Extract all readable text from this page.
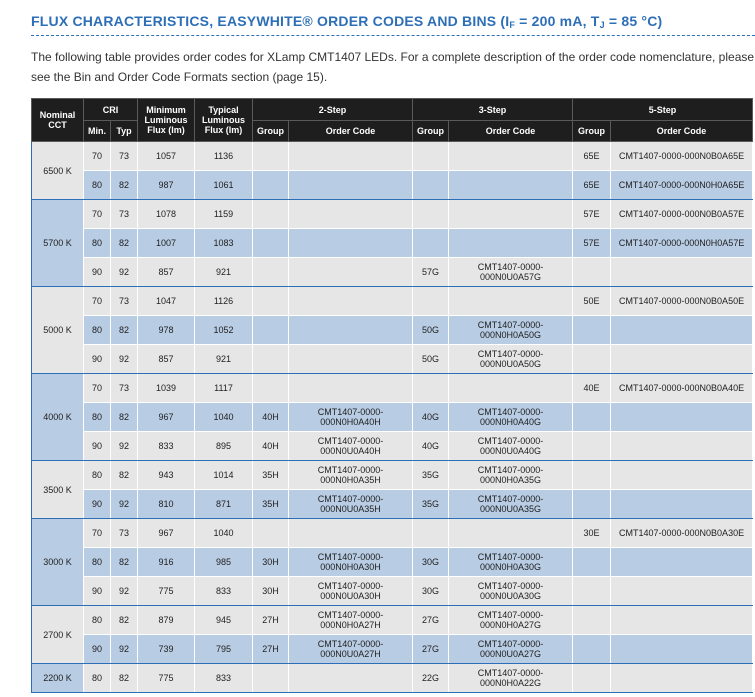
FLUX CHARACTERISTICS, EASYWHITE® ORDER CODES AND BINS ($I_F = 200$ mA, $T_J = 85$ °C)
The following table provides order codes for XLamp CMT1407 LEDs. For a complete description of the order code nomenclature, please see the Bin and Order Code Formats section (page 15).
Nominal CCT	CRI		Minimum Luminous Flux (lm)	Typical Luminous Flux (lm)	2-Step		3-Step		5-Step	
	Min.	Typ			Group	Order Code	Group	Order Code	Group	Order Code
6500 K	70	73	1057	1136					65E	CMT1407-0000-000N0B0A65E
	80	82	987	1061					65E	CMT1407-0000-000N0H0A65E
5700 K	70	73	1078	1159					57E	CMT1407-0000-000N0B0A57E
	80	82	1007	1083					57E	CMT1407-0000-000N0H0A57E
	90	92	857	921			57G	CMT1407-0000-000N0U0A57G		
5000 K	70	73	1047	1126					50E	CMT1407-0000-000N0B0A50E
	80	82	978	1052			50G	CMT1407-0000-000N0H0A50G		
	90	92	857	921			50G	CMT1407-0000-000N0U0A50G		
4000 K	70	73	1039	1117					40E	CMT1407-0000-000N0B0A40E
	80	82	967	1040	40H	CMT1407-0000-000N0H0A40H	40G	CMT1407-0000-000N0H0A40G		
	90	92	833	895	40H	CMT1407-0000-000N0U0A40H	40G	CMT1407-0000-000N0U0A40G		
3500 K	80	82	943	1014	35H	CMT1407-0000-000N0H0A35H	35G	CMT1407-0000-000N0H0A35G		
	90	92	810	871	35H	CMT1407-0000-000N0U0A35H	35G	CMT1407-0000-000N0U0A35G		
3000 K	70	73	967	1040					30E	CMT1407-0000-000N0B0A30E
	80	82	916	985	30H	CMT1407-0000-000N0H0A30H	30G	CMT1407-0000-000N0H0A30G		
	90	92	775	833	30H	CMT1407-0000-000N0U0A30H	30G	CMT1407-0000-000N0U0A30G		
2700 K	80	82	879	945	27H	CMT1407-0000-000N0H0A27H	27G	CMT1407-0000-000N0H0A27G		
	90	92	739	795	27H	CMT1407-0000-000N0U0A27H	27G	CMT1407-0000-000N0U0A27G		
2200 K	80	82	775	833			22G	CMT1407-0000-000N0H0A22G		
